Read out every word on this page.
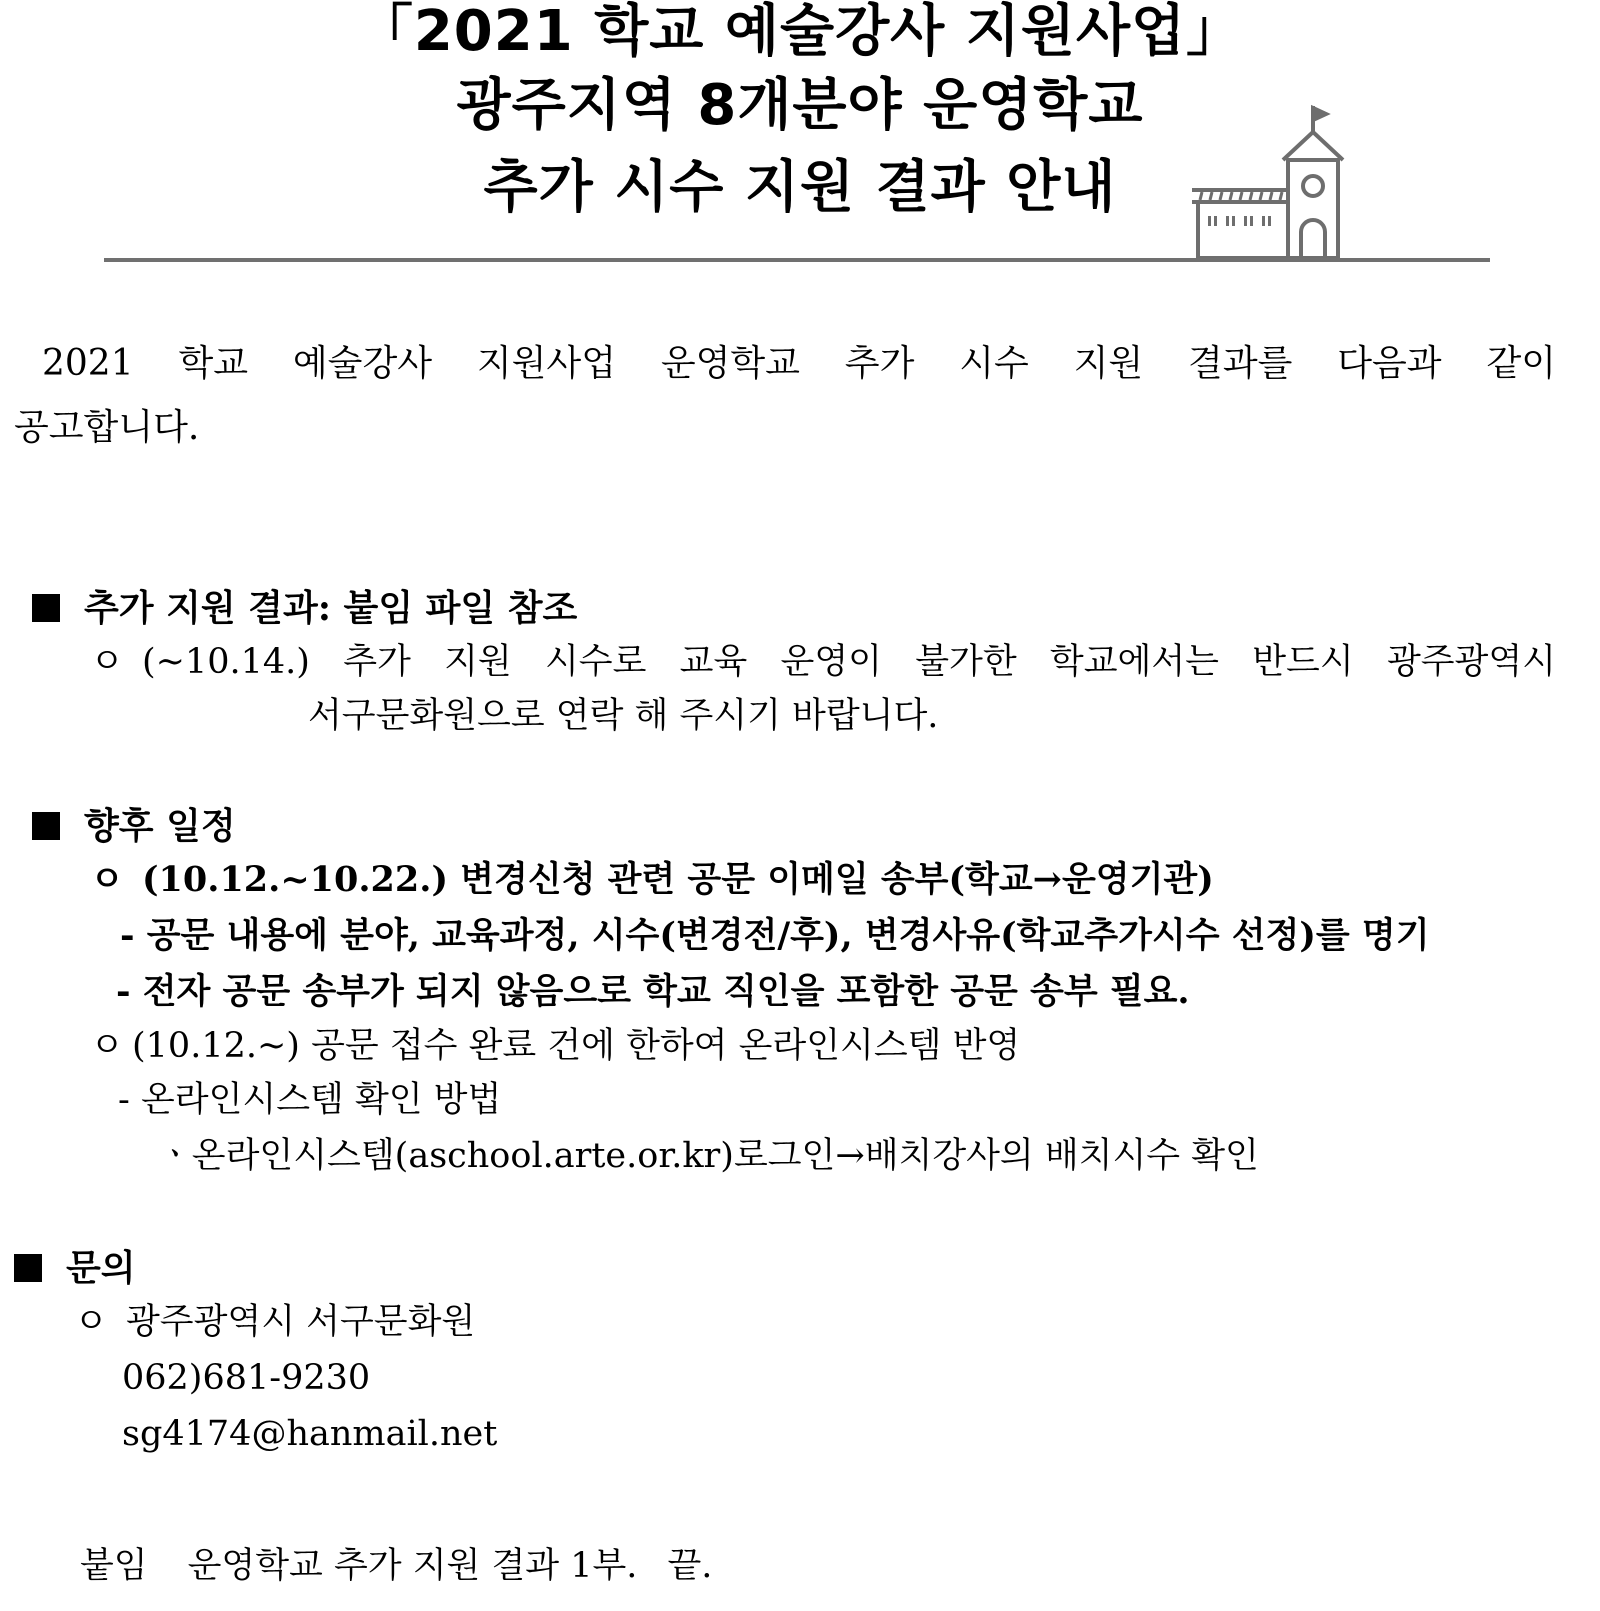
「2021 학교 예술강사 지원사업」
광주지역 8개분야 운영학교
추가 시수 지원 결과 안내
2021 학교 예술강사 지원사업 운영학교 추가 시수 지원 결과를 다음과 같이
공고합니다.
추가 지원 결과: 붙임 파일 참조
ㅇ (~10.14.) 추가 지원 시수로 교육 운영이 불가한 학교에서는 반드시 광주광역시
서구문화원으로 연락 해 주시기 바랍니다.
향후 일정
ㅇ (10.12.~10.22.) 변경신청 관련 공문 이메일 송부(학교→운영기관)
- 공문 내용에 분야, 교육과정, 시수(변경전/후), 변경사유(학교추가시수 선정)를 명기
- 전자 공문 송부가 되지 않음으로 학교 직인을 포함한 공문 송부 필요.
ㅇ (10.12.~) 공문 접수 완료 건에 한하여 온라인시스템 반영
- 온라인시스템 확인 방법
ㆍ온라인시스템(aschool.arte.or.kr)로그인→배치강사의 배치시수 확인
문의
ㅇ 광주광역시 서구문화원
062)681-9230
sg4174@hanmail.net
붙임 운영학교 추가 지원 결과 1부. 끝.
